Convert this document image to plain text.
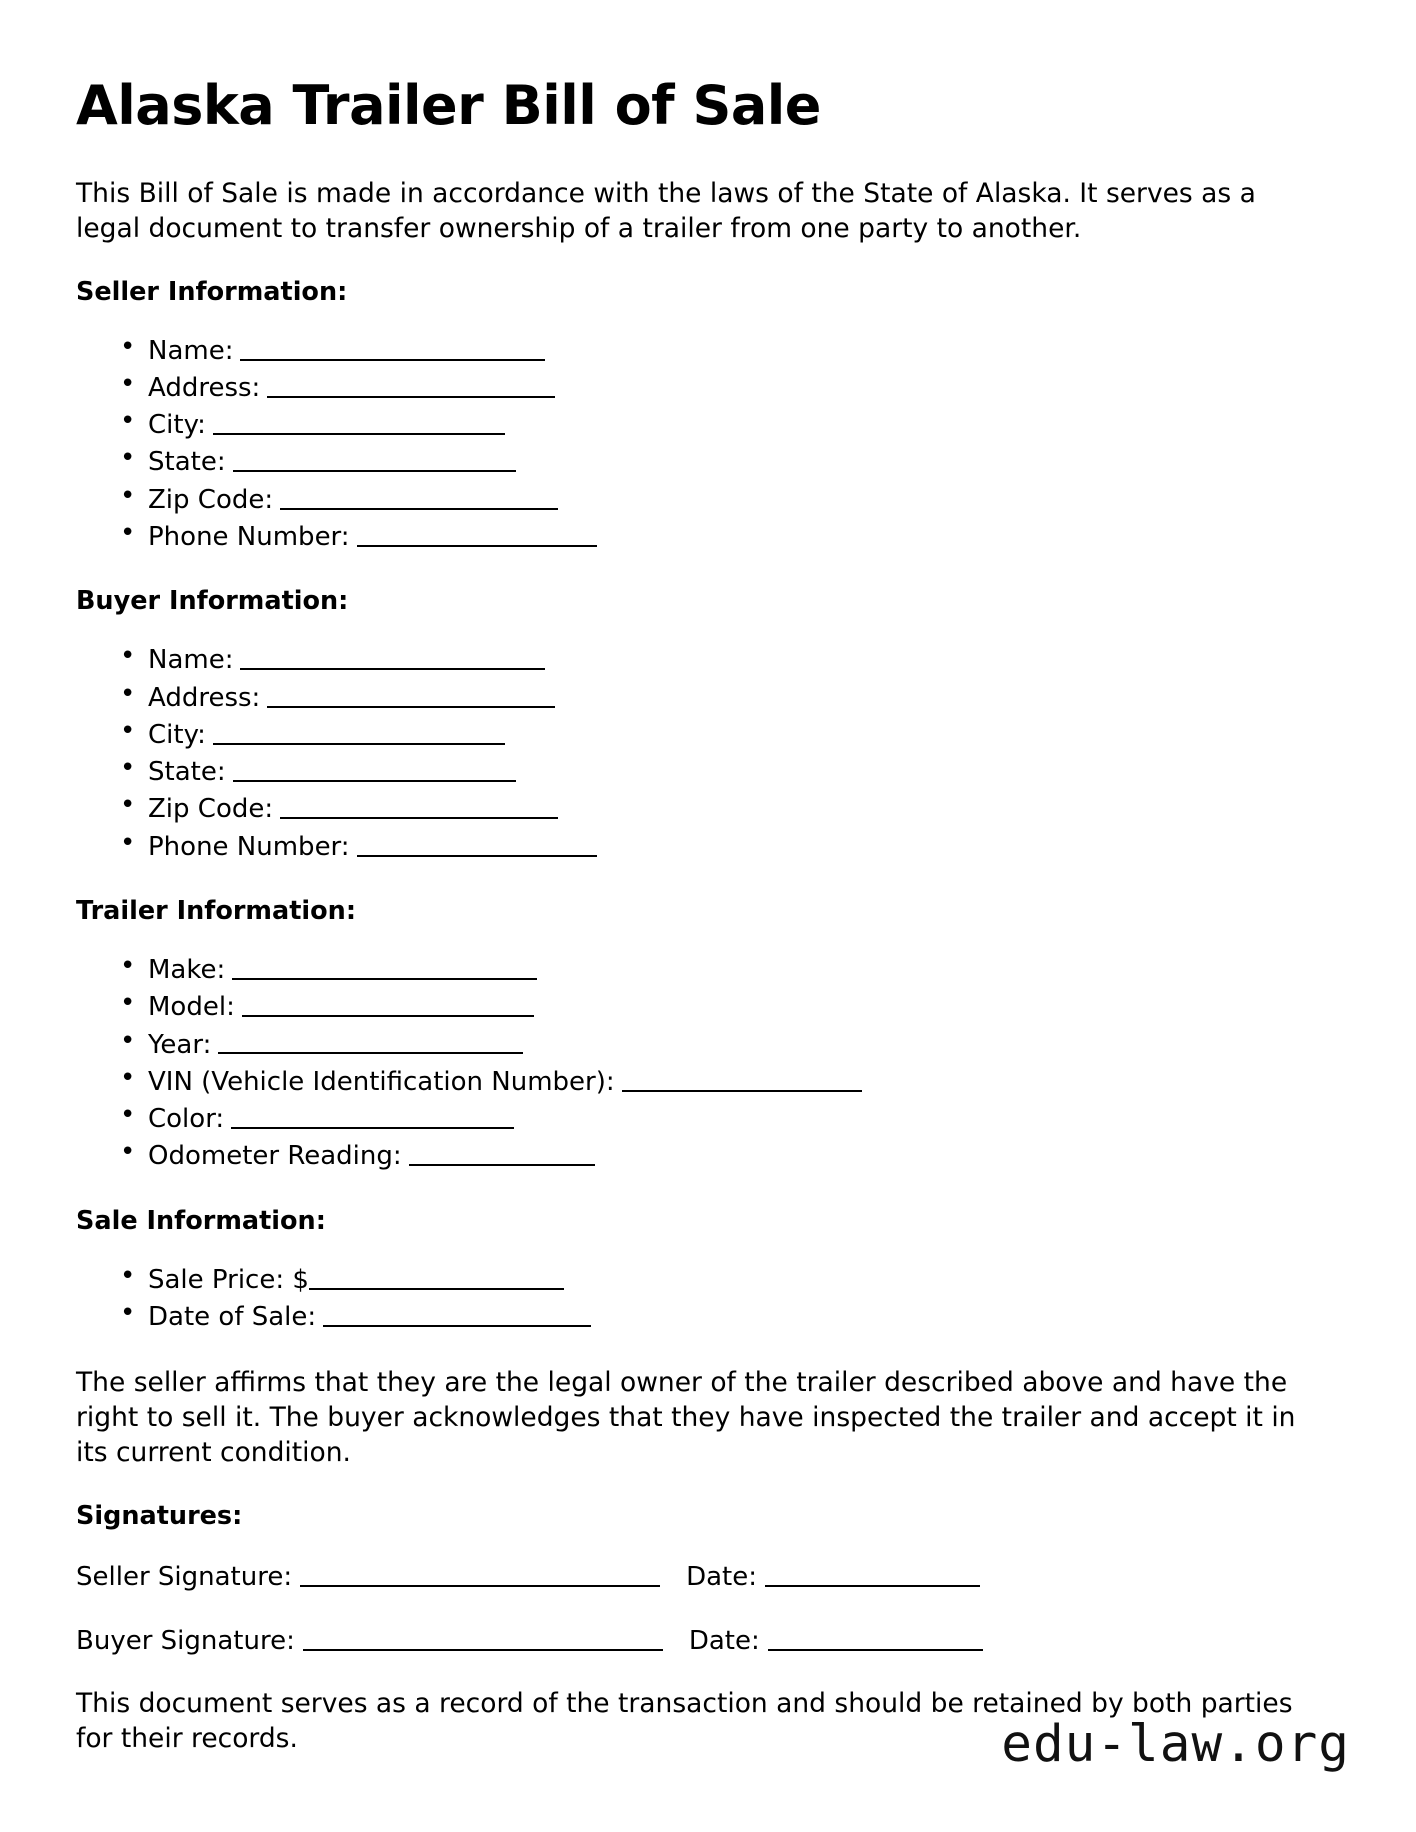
Alaska Trailer Bill of Sale

This Bill of Sale is made in accordance with the laws of the State of Alaska. It serves as a legal document to transfer ownership of a trailer from one party to another.

Seller Information:
• Name:
• Address:
• City:
• State:
• Zip Code:
• Phone Number:
Buyer Information:
• Name:
• Address:
• City:
• State:
• Zip Code:
• Phone Number:
Trailer Information:
• Make:
• Model:
• Year:
• VIN (Vehicle Identification Number):
• Color:
• Odometer Reading:
Sale Information:
• Sale Price: $
• Date of Sale:

The seller affirms that they are the legal owner of the trailer described above and have the right to sell it. The buyer acknowledges that they have inspected the trailer and accept it in its current condition.

Signatures:
Seller Signature:	Date:
Buyer Signature:	Date:

This document serves as a record of the transaction and should be retained by both parties for their records.	edu-law.org
